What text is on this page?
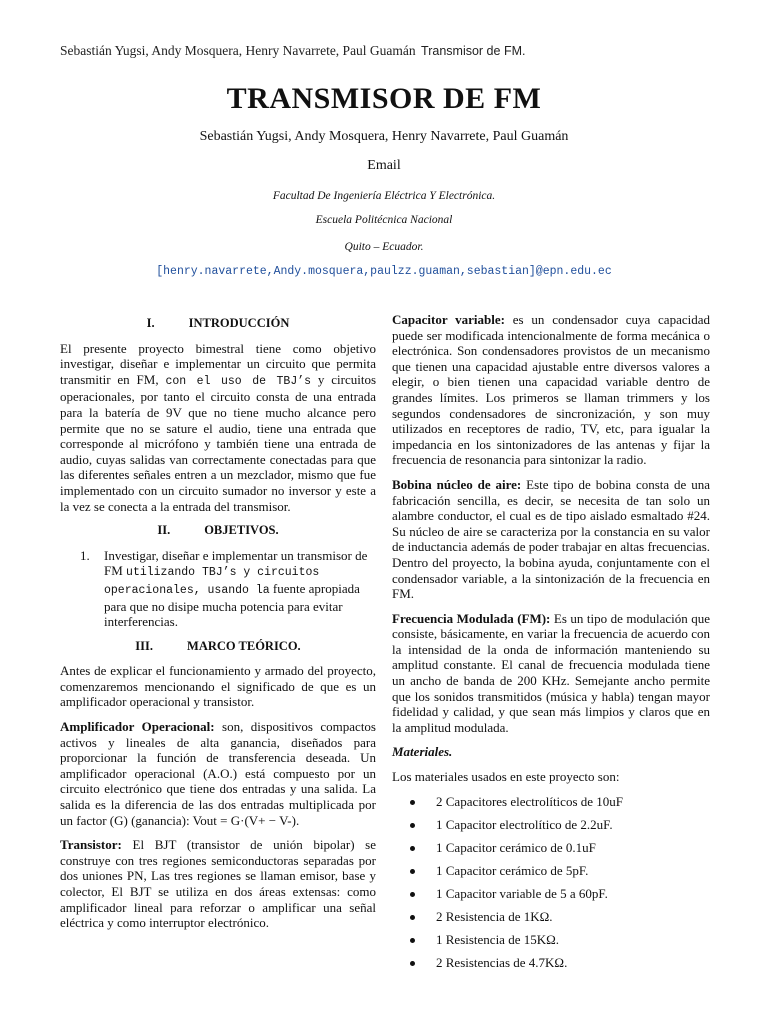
Sebastián Yugsi, Andy Mosquera, Henry Navarrete, Paul Guamán Transmisor de FM.
TRANSMISOR DE FM
Sebastián Yugsi, Andy Mosquera, Henry Navarrete, Paul Guamán
Email
Facultad De Ingeniería Eléctrica Y Electrónica.
Escuela Politécnica Nacional
Quito – Ecuador.
[henry.navarrete,Andy.mosquera,paulzz.guaman,sebastian]@epn.edu.ec
I.	INTRODUCCIÓN

El presente proyecto bimestral tiene como objetivo investigar, diseñar e implementar un circuito que permita transmitir en FM, con el uso de TBJ’s y circuitos operacionales, por tanto el circuito consta de una entrada para la batería de 9V que no tiene mucho alcance pero permite que no se sature el audio, tiene una entrada que corresponde al micrófono y también tiene una entrada de audio, cuyas salidas van correctamente conectadas para que las diferentes señales entren a un mezclador, mismo que fue implementado con un circuito sumador no inversor y este a la vez se conecta a la entrada del transmisor.

II.	OBJETIVOS.
1.	Investigar, diseñar e implementar un transmisor de FM utilizando TBJ’s y circuitos operacionales, usando la fuente apropiada para que no disipe mucha potencia para evitar interferencias.
III.	MARCO TEÓRICO.

Antes de explicar el funcionamiento y armado del proyecto, comenzaremos mencionando el significado de que es un amplificador operacional y transistor.

Amplificador Operacional: son, dispositivos compactos activos y lineales de alta ganancia, diseñados para proporcionar la función de transferencia deseada. Un amplificador operacional (A.O.) está compuesto por un circuito electrónico que tiene dos entradas y una salida. La salida es la diferencia de las dos entradas multiplicada por un factor (G) (ganancia): Vout = G·(V+ − V-).

Transistor: El BJT (transistor de unión bipolar) se construye con tres regiones semiconductoras separadas por dos uniones PN, Las tres regiones se llaman emisor, base y colector, El BJT se utiliza en dos áreas extensas: como amplificador lineal para reforzar o amplificar una señal eléctrica y como interruptor electrónico.

Capacitor variable: es un condensador cuya capacidad puede ser modificada intencionalmente de forma mecánica o electrónica. Son condensadores provistos de un mecanismo que tienen una capacidad ajustable entre diversos valores a elegir, o bien tienen una capacidad variable dentro de grandes límites. Los primeros se llaman trimmers y los segundos condensadores de sincronización, y son muy utilizados en receptores de radio, TV, etc, para igualar la impedancia en los sintonizadores de las antenas y fijar la frecuencia de resonancia para sintonizar la radio.

Bobina núcleo de aire: Este tipo de bobina consta de una fabricación sencilla, es decir, se necesita de tan solo un alambre conductor, el cual es de tipo aislado esmaltado #24. Su núcleo de aire se caracteriza por la constancia en su valor de inductancia además de poder trabajar en altas frecuencias. Dentro del proyecto, la bobina ayuda, conjuntamente con el condensador variable, a la sintonización de la frecuencia en FM.

Frecuencia Modulada (FM): Es un tipo de modulación que consiste, básicamente, en variar la frecuencia de acuerdo con la intensidad de la onda de información manteniendo su amplitud constante. El canal de frecuencia modulada tiene un ancho de banda de 200 KHz. Semejante ancho permite que los sonidos transmitidos (música y habla) tengan mayor fidelidad y calidad, y que sean más limpios y claros que en la amplitud modulada.

Materiales.

Los materiales usados en este proyecto son:

2 Capacitores electrolíticos de 10uF
1 Capacitor electrolítico de 2.2uF.
1 Capacitor cerámico de 0.1uF
1 Capacitor cerámico de 5pF.
1 Capacitor variable de 5 a 60pF.
2 Resistencia de 1KΩ.
1 Resistencia de 15KΩ.
2 Resistencias de 4.7KΩ.
